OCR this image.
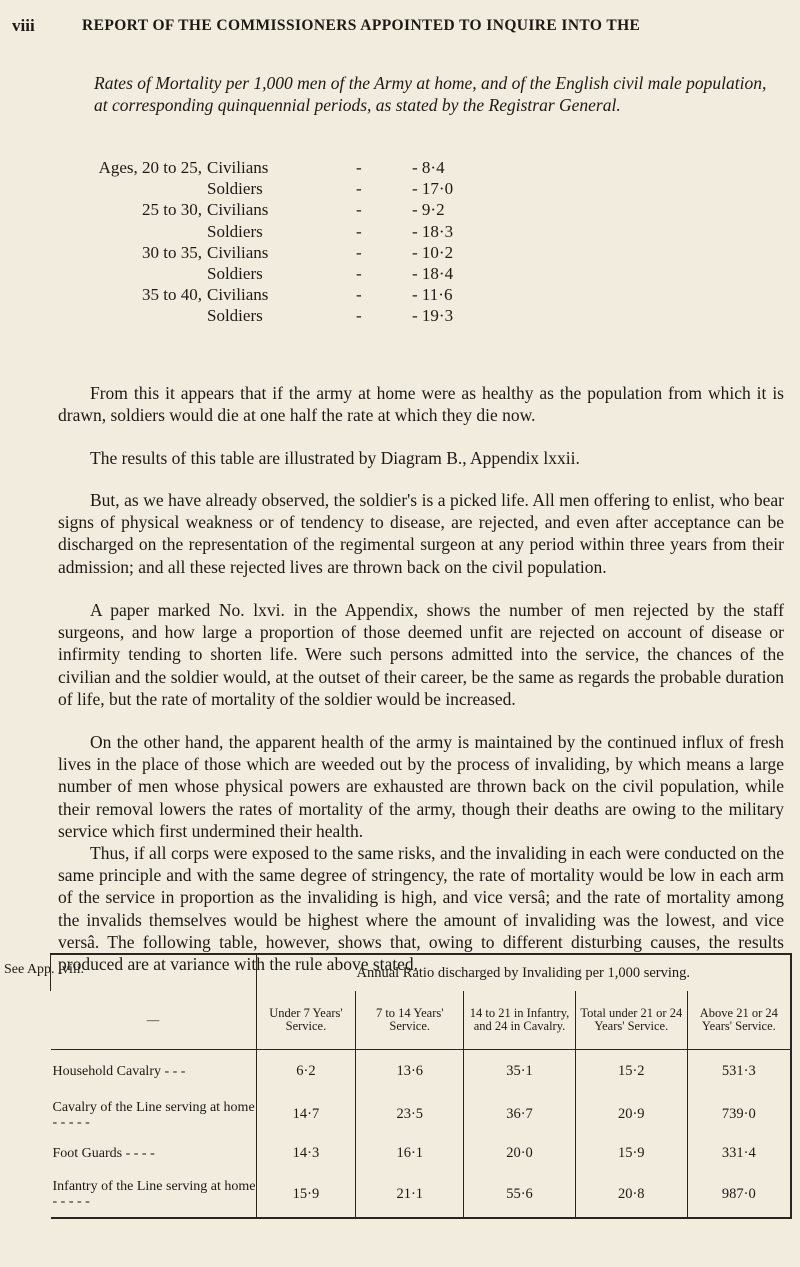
viii	REPORT OF THE COMMISSIONERS APPOINTED TO INQUIRE INTO THE
Rates of Mortality per 1,000 men of the Army at home, and of the English civil male population, at corresponding quinquennial periods, as stated by the Registrar General.
Ages, 20 to 25, Civilians	-	- 8·4
Soldiers	-	- 17·0
25 to 30, Civilians	-	- 9·2
Soldiers	-	- 18·3
30 to 35, Civilians	-	- 10·2
Soldiers	-	- 18·4
35 to 40, Civilians	-	- 11·6
Soldiers	-	- 19·3

From this it appears that if the army at home were as healthy as the population from which it is drawn, soldiers would die at one half the rate at which they die now.

The results of this table are illustrated by Diagram B., Appendix lxxii.

But, as we have already observed, the soldier's is a picked life. All men offering to enlist, who bear signs of physical weakness or of tendency to disease, are rejected, and even after acceptance can be discharged on the representation of the regimental surgeon at any period within three years from their admission; and all these rejected lives are thrown back on the civil population.

A paper marked No. lxvi. in the Appendix, shows the number of men rejected by the staff surgeons, and how large a proportion of those deemed unfit are rejected on account of disease or infirmity tending to shorten life. Were such persons admitted into the service, the chances of the civilian and the soldier would, at the outset of their career, be the same as regards the probable duration of life, but the rate of mortality of the soldier would be increased.

On the other hand, the apparent health of the army is maintained by the continued influx of fresh lives in the place of those which are weeded out by the process of invaliding, by which means a large number of men whose physical powers are exhausted are thrown back on the civil population, while their removal lowers the rates of mortality of the army, though their deaths are owing to the military service which first undermined their health.

Thus, if all corps were exposed to the same risks, and the invaliding in each were conducted on the same principle and with the same degree of stringency, the rate of mortality would be low in each arm of the service in proportion as the invaliding is high, and vice versâ; and the rate of mortality among the invalids themselves would be highest where the amount of invaliding was the lowest, and vice versâ. The following table, however, shows that, owing to different disturbing causes, the results produced are at variance with the rule above stated.

See App. lviii.
		Annual Ratio discharged by Invaliding per 1,000 serving.				
—	Under 7 Years' Service.	7 to 14 Years' Service.	14 to 21 in Infantry, and 24 in Cavalry.	Total under 21 or 24 Years' Service.	Above 21 or 24 Years' Service.
Household Cavalry - - -	6·2	13·6	35·1	15·2	531·3
Cavalry of the Line serving at home - - - - -	14·7	23·5	36·7	20·9	739·0
Foot Guards - - - -	14·3	16·1	20·0	15·9	331·4
Infantry of the Line serving at home - - - - -	15·9	21·1	55·6	20·8	987·0
